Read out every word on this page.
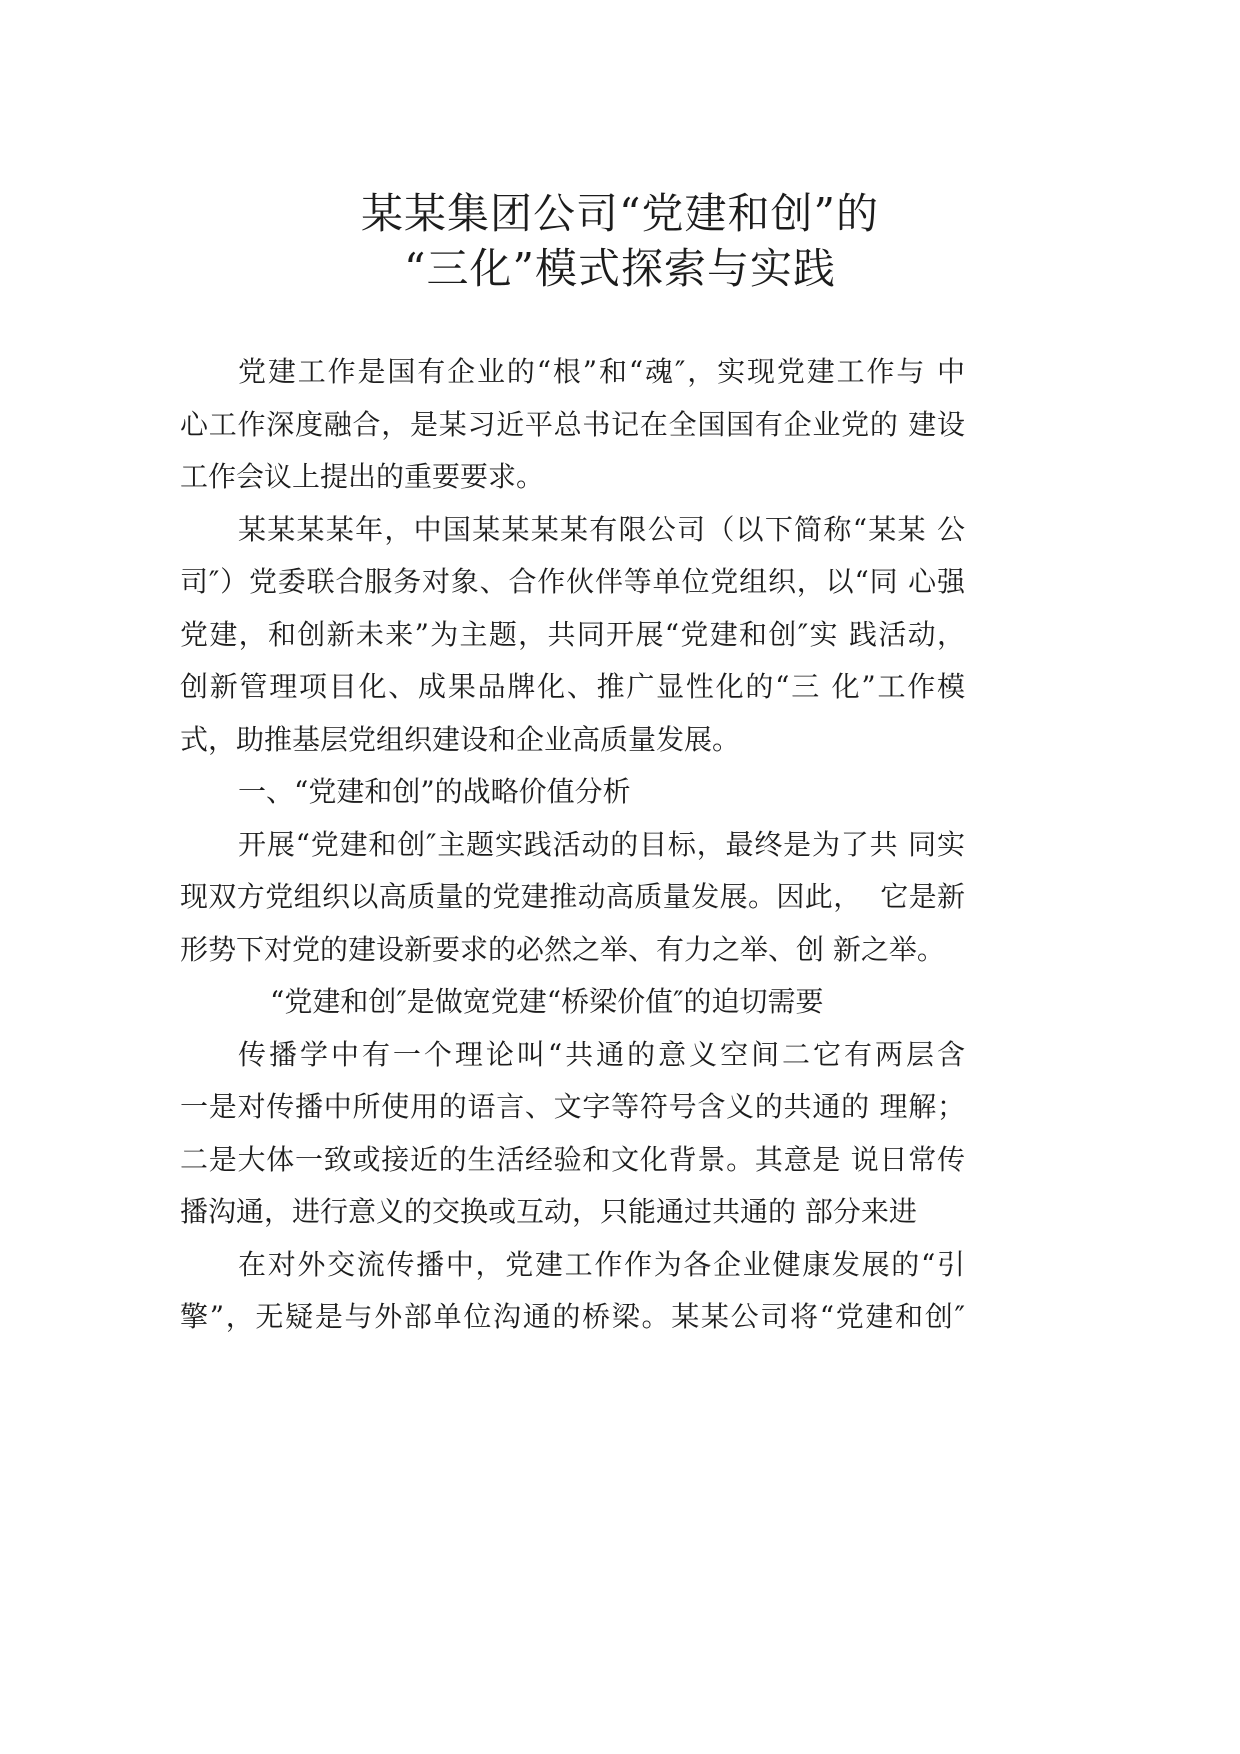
某某集团公司“党建和创”的
“三化”模式探索与实践
党建工作是国有企业的“根”和“魂″，实现党建工作与 中
心工作深度融合，是某习近平总书记在全国国有企业党的 建设
工作会议上提出的重要要求。
某某某某年，中国某某某某有限公司（以下简称“某某 公
司″）党委联合服务对象、合作伙伴等单位党组织，以“同 心强
党建，和创新未来”为主题，共同开展“党建和创″实 践活动，
创新管理项目化、成果品牌化、推广显性化的“三 化”工作模
式，助推基层党组织建设和企业高质量发展。
一、“党建和创”的战略价值分析
开展“党建和创″主题实践活动的目标，最终是为了共 同实
现双方党组织以高质量的党建推动高质量发展。因此，  它是新
形势下对党的建设新要求的必然之举、有力之举、创 新之举。
“党建和创″是做宽党建“桥梁价值″的迫切需要
传播学中有一个理论叫“共通的意义空间二它有两层含
一是对传播中所使用的语言、文字等符号含义的共通的 理解；
二是大体一致或接近的生活经验和文化背景。其意是 说日常传
播沟通，进行意义的交换或互动，只能通过共通的 部分来进
在对外交流传播中，党建工作作为各企业健康发展的“引
擎”，无疑是与外部单位沟通的桥梁。某某公司将“党建和创″
